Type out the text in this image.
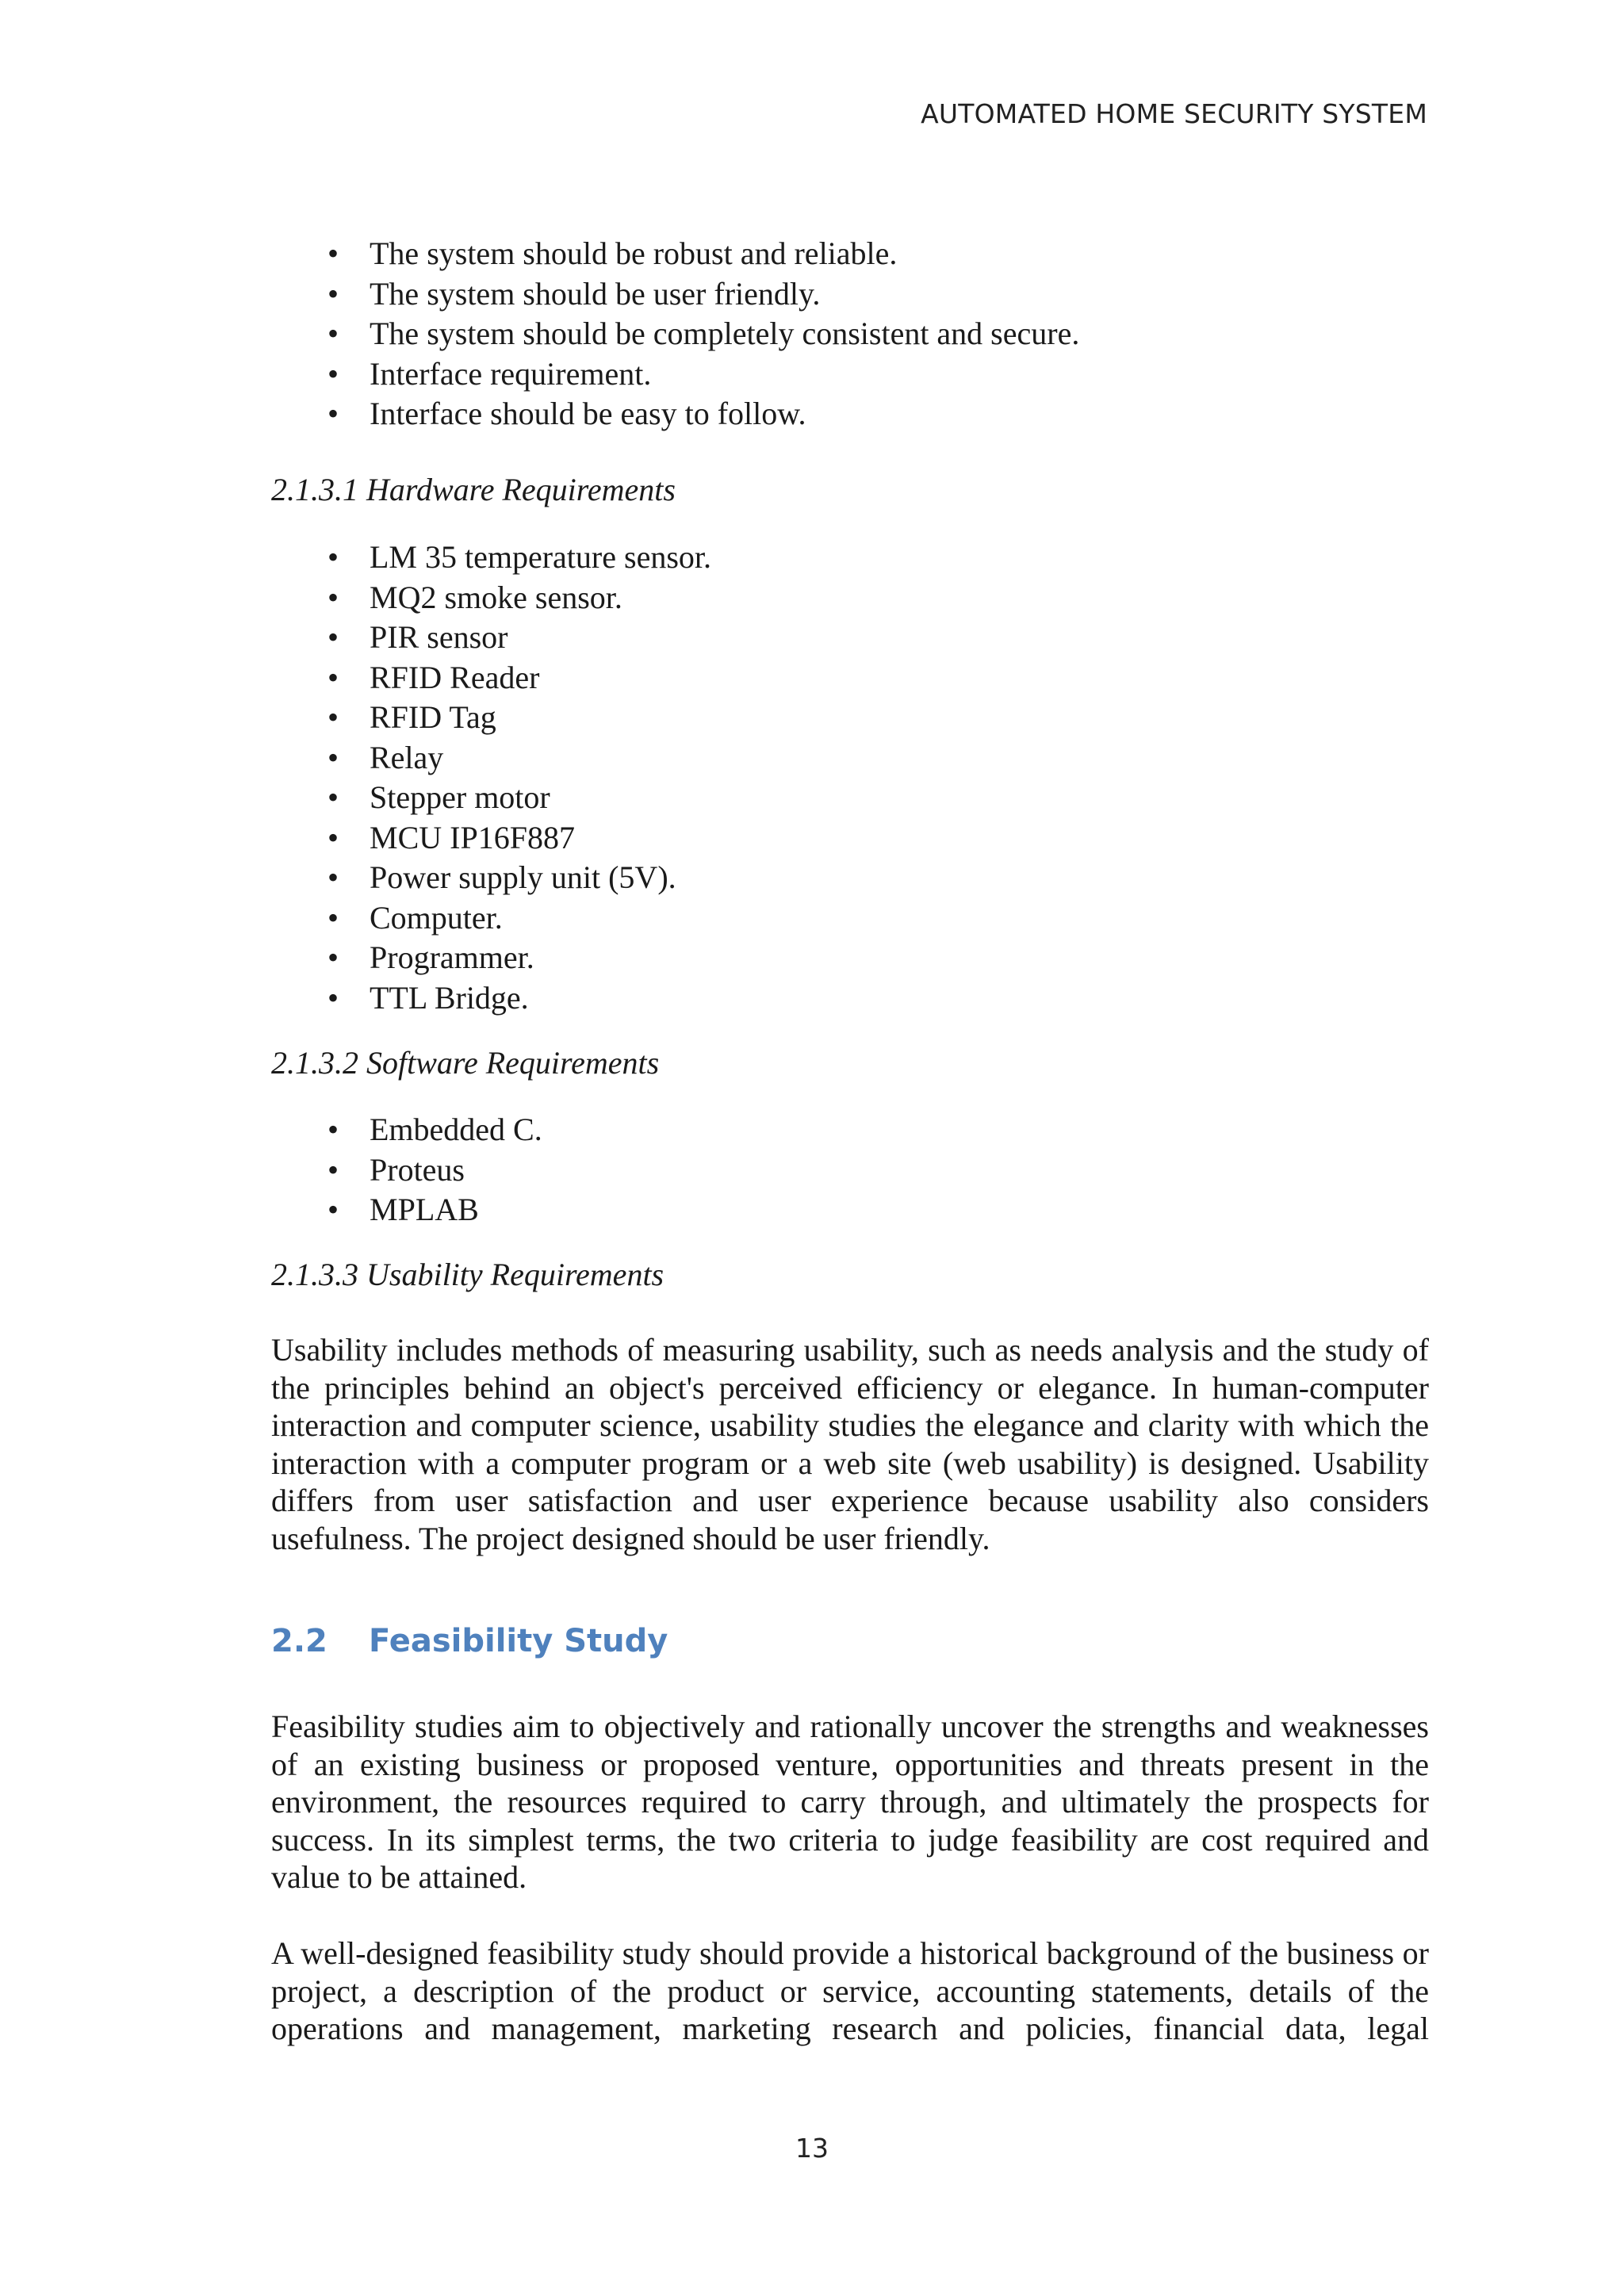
AUTOMATED HOME SECURITY SYSTEM
• The system should be robust and reliable.
• The system should be user friendly.
• The system should be completely consistent and secure.
• Interface requirement.
• Interface should be easy to follow.
2.1.3.1 Hardware Requirements
• LM 35 temperature sensor.
• MQ2 smoke sensor.
• PIR sensor
• RFID Reader
• RFID Tag
• Relay
• Stepper motor
• MCU IP16F887
• Power supply unit (5V).
• Computer.
• Programmer.
• TTL Bridge.
2.1.3.2 Software Requirements
• Embedded C.
• Proteus
• MPLAB
2.1.3.3 Usability Requirements

Usability includes methods of measuring usability, such as needs analysis and the study of the principles behind an object's perceived efficiency or elegance. In human-computer interaction and computer science, usability studies the elegance and clarity with which the interaction with a computer program or a web site (web usability) is designed. Usability differs from user satisfaction and user experience because usability also considers usefulness. The project designed should be user friendly.

2.2 Feasibility Study

Feasibility studies aim to objectively and rationally uncover the strengths and weaknesses of an existing business or proposed venture, opportunities and threats present in the environment, the resources required to carry through, and ultimately the prospects for success. In its simplest terms, the two criteria to judge feasibility are cost required and value to be attained.

A well-designed feasibility study should provide a historical background of the business or project, a description of the product or service, accounting statements, details of the operations and management, marketing research and policies, financial data, legal

13
